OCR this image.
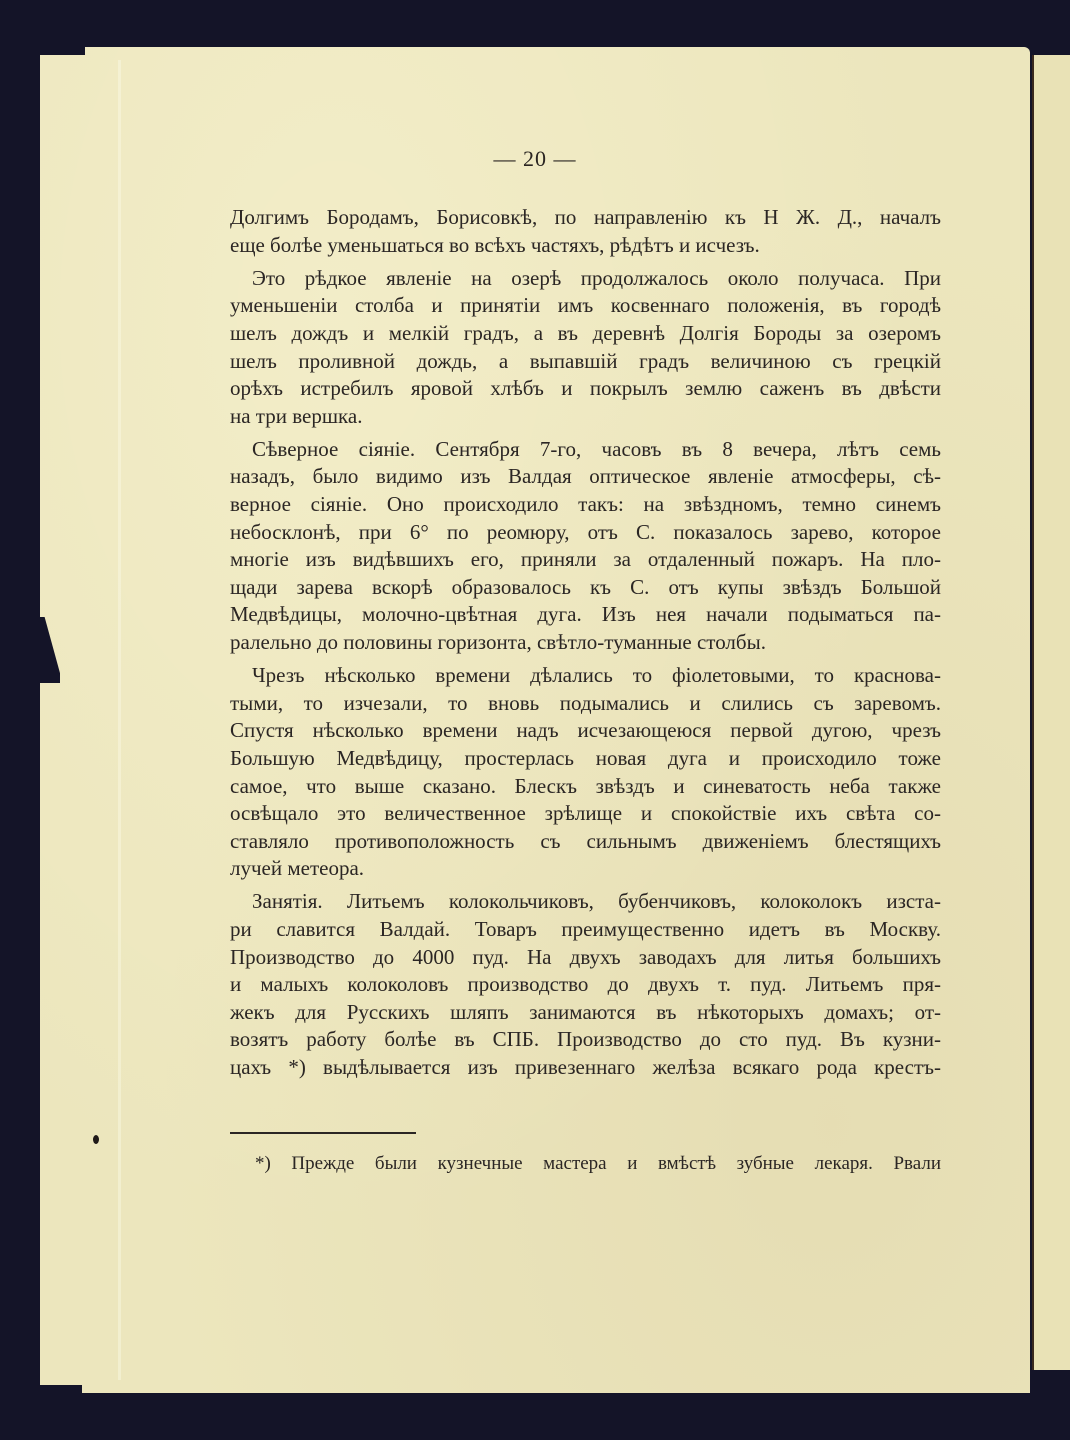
— 20 —
Долгимъ Бородамъ, Борисовкѣ, по направленію къ Н Ж. Д., началъ
еще болѣе уменьшаться во всѣхъ частяхъ, рѣдѣтъ и исчезъ.
Это рѣдкое явленіе на озерѣ продолжалось около получаса. При
уменьшеніи столба и принятіи имъ косвеннаго положенія, въ городѣ
шелъ дождъ и мелкій градъ, а въ деревнѣ Долгія Бороды за озеромъ
шелъ проливной дождь, а выпавшій градъ величиною съ грецкій
орѣхъ истребилъ яровой хлѣбъ и покрылъ землю саженъ въ двѣсти
на три вершка.
Сѣверное сіяніе. Сентября 7-го, часовъ въ 8 вечера, лѣтъ семь
назадъ, было видимо изъ Валдая оптическое явленіе атмосферы, сѣ-
верное сіяніе. Оно происходило такъ: на звѣздномъ, темно синемъ
небосклонѣ, при 6° по реомюру, отъ С. показалось зарево, которое
многіе изъ видѣвшихъ его, приняли за отдаленный пожаръ. На пло-
щади зарева вскорѣ образовалось къ С. отъ купы звѣздъ Большой
Медвѣдицы, молочно-цвѣтная дуга. Изъ нея начали подыматься па-
ралельно до половины горизонта, свѣтло-туманные столбы.
Чрезъ нѣсколько времени дѣлались то фіолетовыми, то краснова-
тыми, то изчезали, то вновь подымались и слились съ заревомъ.
Спустя нѣсколько времени надъ исчезающеюся первой дугою, чрезъ
Большую Медвѣдицу, простерлась новая дуга и происходило тоже
самое, что выше сказано. Блескъ звѣздъ и синеватость неба также
освѣщало это величественное зрѣлище и спокойствіе ихъ свѣта со-
ставляло противоположность съ сильнымъ движеніемъ блестящихъ
лучей метеора.
Занятія. Литьемъ колокольчиковъ, бубенчиковъ, колоколокъ изста-
ри славится Валдай. Товаръ преимущественно идетъ въ Москву.
Производство до 4000 пуд. На двухъ заводахъ для литья большихъ
и малыхъ колоколовъ производство до двухъ т. пуд. Литьемъ пря-
жекъ для Русскихъ шляпъ занимаются въ нѣкоторыхъ домахъ; от-
возятъ работу болѣе въ СПБ. Производство до сто пуд. Въ кузни-
цахъ *) выдѣлывается изъ привезеннаго желѣза всякаго рода крестъ-
*) Прежде были кузнечные мастера и вмѣстѣ зубные лекаря. Рвали
